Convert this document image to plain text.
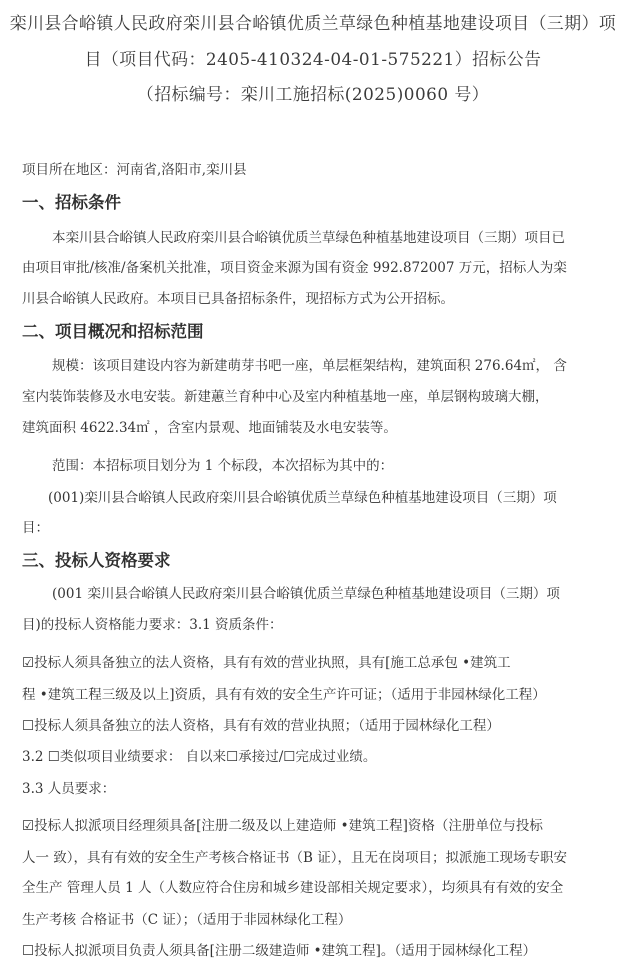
栾川县合峪镇人民政府栾川县合峪镇优质兰草绿色种植基地建设项目（三期）项
目（项目代码：2405-410324-04-01-575221）招标公告
（招标编号：栾川工施招标(2025)0060 号）
项目所在地区：河南省,洛阳市,栾川县
一、招标条件
本栾川县合峪镇人民政府栾川县合峪镇优质兰草绿色种植基地建设项目（三期）项目已
由项目审批/核准/备案机关批准，项目资金来源为国有资金 992.872007 万元，招标人为栾
川县合峪镇人民政府。本项目已具备招标条件，现招标方式为公开招标。
二、项目概况和招标范围
规模：该项目建设内容为新建萌芽书吧一座，单层框架结构，建筑面积 276.64㎡， 含
室内装饰装修及水电安装。新建蕙兰育种中心及室内种植基地一座，单层钢构玻璃大棚，
建筑面积 4622.34㎡ ，含室内景观、地面铺装及水电安装等。
范围：本招标项目划分为 1 个标段，本次招标为其中的：
(001)栾川县合峪镇人民政府栾川县合峪镇优质兰草绿色种植基地建设项目（三期）项
目：
三、投标人资格要求
(001 栾川县合峪镇人民政府栾川县合峪镇优质兰草绿色种植基地建设项目（三期）项
目)的投标人资格能力要求：3.1 资质条件：
☑投标人须具备独立的法人资格，具有有效的营业执照，具有[施工总承包 •建筑工
程 •建筑工程三级及以上]资质，具有有效的安全生产许可证；（适用于非园林绿化工程）
☐投标人须具备独立的法人资格，具有有效的营业执照；（适用于园林绿化工程）
3.2 ☐类似项目业绩要求： 自以来☐承接过/☐完成过业绩。
3.3 人员要求：
☑投标人拟派项目经理须具备[注册二级及以上建造师 •建筑工程]资格（注册单位与投标
人一 致），具有有效的安全生产考核合格证书（B 证），且无在岗项目；拟派施工现场专职安
全生产 管理人员 1 人（人数应符合住房和城乡建设部相关规定要求），均须具有有效的安全
生产考核 合格证书（C 证）；（适用于非园林绿化工程）
☐投标人拟派项目负责人须具备[注册二级建造师 •建筑工程]。（适用于园林绿化工程）
